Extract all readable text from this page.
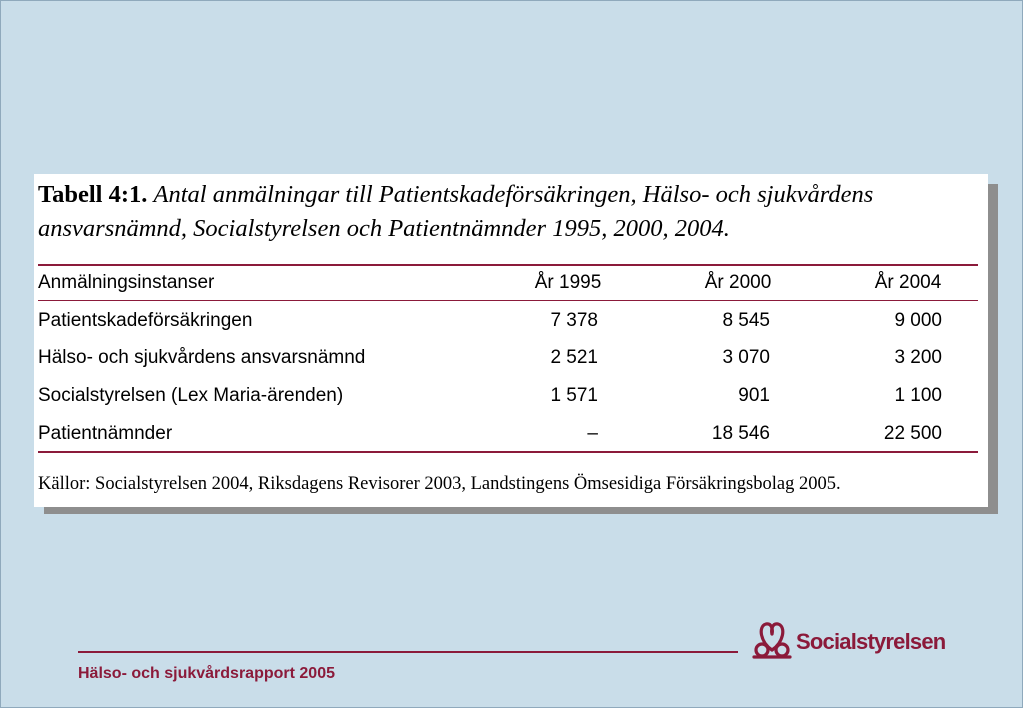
Tabell 4:1. Antal anmälningar till Patientskadeförsäkringen, Hälso- och sjukvårdens ansvarsnämnd, Socialstyrelsen och Patientnämnder 1995, 2000, 2004.
Anmälningsinstanser	År 1995	År 2000	År 2004
Patientskadeförsäkringen	7 378	8 545	9 000
Hälso- och sjukvårdens ansvarsnämnd	2 521	3 070	3 200
Socialstyrelsen (Lex Maria-ärenden)	1 571	901	1 100
Patientnämnder	–	18 546	22 500
Källor: Socialstyrelsen 2004, Riksdagens Revisorer 2003, Landstingens Ömsesidiga Försäkringsbolag 2005.
Hälso- och sjukvårdsrapport 2005
Socialstyrelsen
